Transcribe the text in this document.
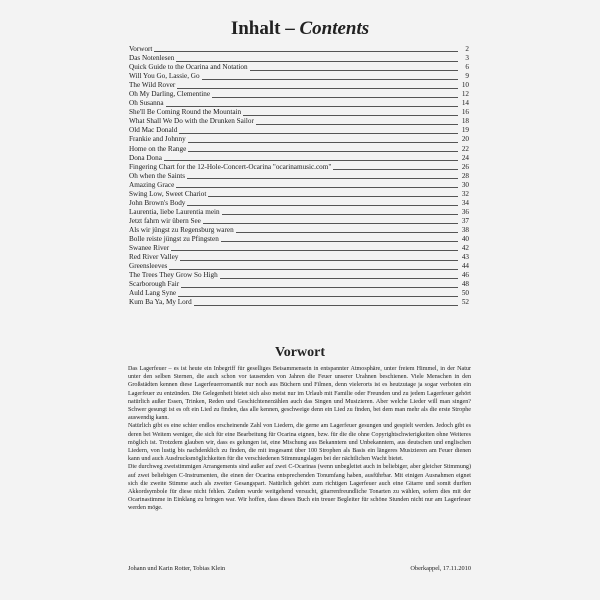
Inhalt – Contents
Vorwort	2
Das Notenlesen	3
Quick Guide to the Ocarina and Notation	6
Will You Go, Lassie, Go	9
The Wild Rover	10
Oh My Darling, Clementine	12
Oh Susanna	14
She'll Be Coming Round the Mountain	16
What Shall We Do with the Drunken Sailor	18
Old Mac Donald	19
Frankie and Johnny	20
Home on the Range	22
Dona Dona	24
Fingering Chart for the 12-Hole-Concert-Ocarina "ocarinamusic.com"	26
Oh when the Saints	28
Amazing Grace	30
Swing Low, Sweet Chariot	32
John Brown's Body	34
Laurentia, liebe Laurentia mein	36
Jetzt fahrn wir übern See	37
Als wir jüngst zu Regensburg waren	38
Bolle reiste jüngst zu Pfingsten	40
Swanee River	42
Red River Valley	43
Greensleeves	44
The Trees They Grow So High	46
Scarborough Fair	48
Auld Lang Syne	50
Kum Ba Ya, My Lord	52
Vorwort

Das Lagerfeuer – es ist heute ein Inbegriff für geselliges Beisammensein in entspannter Atmosphäre, unter freiem Himmel, in der Natur unter den selben Sternen, die auch schon vor tausenden von Jahren die Feuer unserer Urahnen beschienen. Viele Menschen in den Großstädten kennen diese Lagerfeuerromantik nur noch aus Büchern und Filmen, denn vielerorts ist es heutzutage ja sogar verboten ein Lagerfeuer zu entzünden. Die Gelegenheit bietet sich also meist nur im Urlaub mit Familie oder Freunden und zu jedem Lagerfeuer gehört natürlich außer Essen, Trinken, Reden und Geschichtenerzählen auch das Singen und Musizieren. Aber welche Lieder will man singen? Schwer gesungt ist es oft ein Lied zu finden, das alle kennen, geschweige denn ein Lied zu finden, bei dem man mehr als die erste Strophe auswendig kann.

Natürlich gibt es eine schier endlos erscheinende Zahl von Liedern, die gerne am Lagerfeuer gesungen und gespielt werden. Jedoch gibt es deren bei Weitem weniger, die sich für eine Bearbeitung für Ocarina eignen, bzw. für die die ohne Copyrightschwierigkeiten ohne Weiteres möglich ist. Trotzdem glauben wir, dass es gelungen ist, eine Mischung aus Bekanntem und Unbekanntem, aus deutschen und englischen Liedern, von lustig bis nachdenklich zu finden, die mit insgesamt über 100 Strophen als Basis ein längeres Musizieren am Feuer dienen kann und auch Ausdrucksmöglichkeiten für die verschiedenen Stimmungslagen bei der nächtlichen Wacht bietet.

Die durchweg zweistimmigen Arrangements sind außer auf zwei C-Ocarinas (wenn unbegleitet auch in beliebiger, aber gleicher Stimmung) auf zwei beliebigen C-Instrumenten, die einen der Ocarina entsprechenden Tonumfang haben, ausführbar. Mit einigen Ausnahmen eignet sich die zweite Stimme auch als zweiter Gesangspart. Natürlich gehört zum richtigen Lagerfeuer auch eine Gitarre und somit durften Akkordsymbole für diese nicht fehlen. Zudem wurde weitgehend versucht, gitarrenfreundliche Tonarten zu wählen, sofern dies mit der Ocarinastimme in Einklang zu bringen war. Wir hoffen, dass dieses Buch ein treuer Begleiter für schöne Stunden nicht nur am Lagerfeuer werden möge.

Johann und Karin Rotter, Tobias Klein	Oberkappel, 17.11.2010
